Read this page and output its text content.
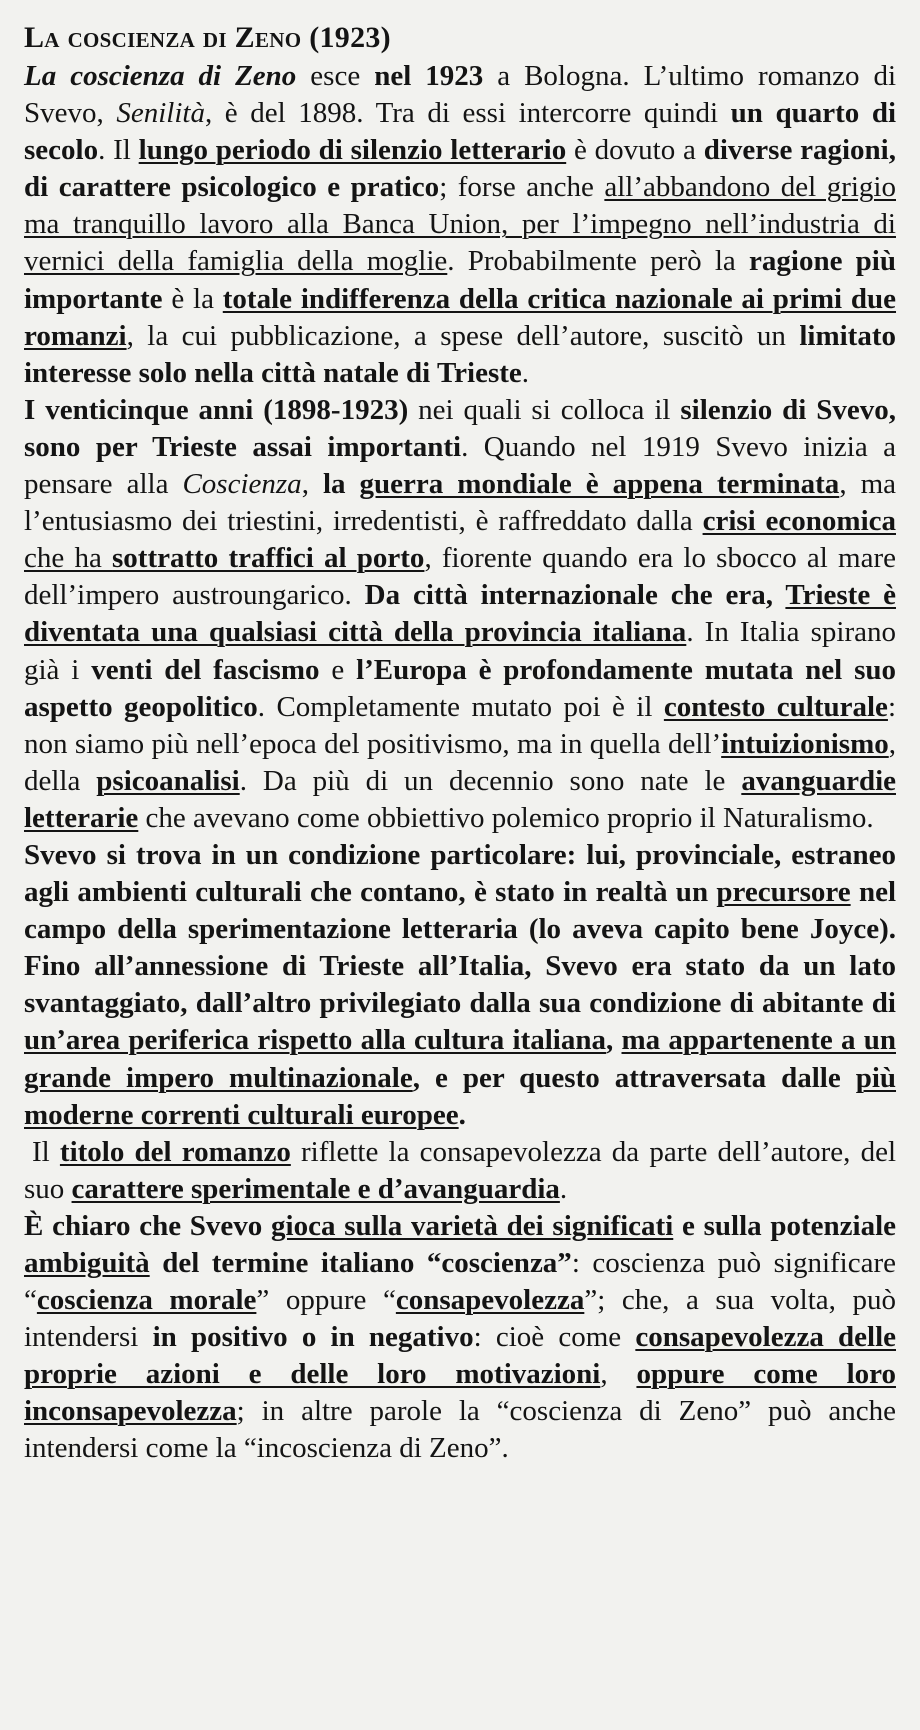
La coscienza di Zeno (1923)

La coscienza di Zeno esce nel 1923 a Bologna. L’ultimo romanzo di Svevo, Senilità, è del 1898. Tra di essi intercorre quindi un quarto di secolo. Il lungo periodo di silenzio letterario è dovuto a diverse ragioni, di carattere psicologico e pratico; forse anche all’abbandono del grigio ma tranquillo lavoro alla Banca Union, per l’impegno nell’industria di vernici della famiglia della moglie. Probabilmente però la ragione più importante è la totale indifferenza della critica nazionale ai primi due romanzi, la cui pubblicazione, a spese dell’autore, suscitò un limitato interesse solo nella città natale di Trieste.

I venticinque anni (1898-1923) nei quali si colloca il silenzio di Svevo, sono per Trieste assai importanti. Quando nel 1919 Svevo inizia a pensare alla Coscienza, la guerra mondiale è appena terminata, ma l’entusiasmo dei triestini, irredentisti, è raffreddato dalla crisi economica che ha sottratto traffici al porto, fiorente quando era lo sbocco al mare dell’impero austroungarico. Da città internazionale che era, Trieste è diventata una qualsiasi città della provincia italiana. In Italia spirano già i venti del fascismo e l’Europa è profondamente mutata nel suo aspetto geopolitico. Completamente mutato poi è il contesto culturale: non siamo più nell’epoca del positivismo, ma in quella dell’intuizionismo, della psicoanalisi. Da più di un decennio sono nate le avanguardie letterarie che avevano come obbiettivo polemico proprio il Naturalismo.

Svevo si trova in un condizione particolare: lui, provinciale, estraneo agli ambienti culturali che contano, è stato in realtà un precursore nel campo della sperimentazione letteraria (lo aveva capito bene Joyce). Fino all’annessione di Trieste all’Italia, Svevo era stato da un lato svantaggiato, dall’altro privilegiato dalla sua condizione di abitante di un’area periferica rispetto alla cultura italiana, ma appartenente a un grande impero multinazionale, e per questo attraversata dalle più moderne correnti culturali europee.

Il titolo del romanzo riflette la consapevolezza da parte dell’autore, del suo carattere sperimentale e d’avanguardia.

È chiaro che Svevo gioca sulla varietà dei significati e sulla potenziale ambiguità del termine italiano “coscienza”: coscienza può significare “coscienza morale” oppure “consapevolezza”; che, a sua volta, può intendersi in positivo o in negativo: cioè come consapevolezza delle proprie azioni e delle loro motivazioni, oppure come loro inconsapevolezza; in altre parole la “coscienza di Zeno” può anche intendersi come la “incoscienza di Zeno”.
